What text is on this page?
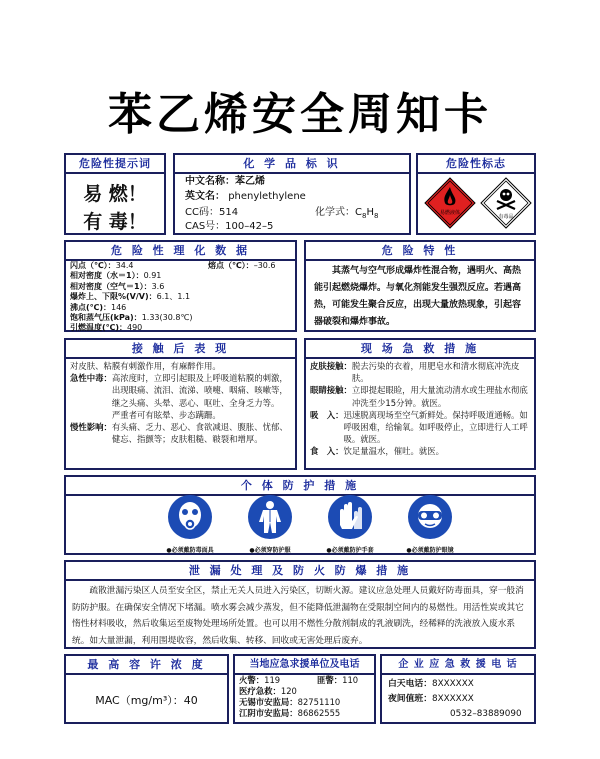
苯乙烯安全周知卡
危险性提示词
易 燃！
有 毒！
化 学 品 标 识
中文名称：苯乙烯
英文名： phenylethylene
CC码：514	化学式：$C_8H_8$
CAS号：100–42–5
危险性标志
易燃液体
有毒品
危 险 性 理 化 数 据
闪点（℃）：34.4	熔点（℃）：–30.6
相对密度（水＝1）：0.91
相对密度（空气＝1）：3.6
爆炸上、下限%(V/V)：6.1、1.1
沸点(℃)：146
饱和蒸气压(kPa)：1.33(30.8℃)
引燃温度(℃)：490
危 险 特 性
其蒸气与空气形成爆炸性混合物，遇明火、高热能引起燃烧爆炸。与氧化剂能发生强烈反应。若遇高热，可能发生聚合反应，出现大量放热现象，引起容器破裂和爆炸事故。
接 触 后 表 现
对皮肤、粘膜有刺激作用，有麻醉作用。
急性中毒： 高浓度时，立即引起眼及上呼吸道粘膜的刺激，出现眼痛、流泪、流涕、喷嚏、咽痛、咳嗽等，继之头痛、头晕、恶心、呕吐、全身乏力等。
严重者可有眩晕、步态蹒跚。
慢性影响： 有头痛、乏力、恶心、食欲减退、腹胀、忧郁、健忘、指颤等；皮肤粗糙、皲裂和增厚。
现 场 急 救 措 施
皮肤接触： 脱去污染的衣着，用肥皂水和清水彻底冲洗皮肤。
眼睛接触： 立即提起眼睑，用大量流动清水或生理盐水彻底冲洗至少15分钟。就医。
吸　入： 迅速脱离现场至空气新鲜处。保持呼吸道通畅。如呼吸困难，给输氧。如呼吸停止，立即进行人工呼吸。就医。
食　入： 饮足量温水，催吐。就医。
个 体 防 护 措 施
● 必须戴防毒面具	● 必须穿防护服	● 必须戴防护手套	● 必须戴防护眼镜
泄 漏 处 理 及 防 火 防 爆 措 施
疏散泄漏污染区人员至安全区，禁止无关人员进入污染区，切断火源。建议应急处理人员戴好防毒面具，穿一般消防防护服。在确保安全情况下堵漏。喷水雾会减少蒸发，但不能降低泄漏物在受限制空间内的易燃性。用活性炭或其它惰性材料吸收，然后收集运至废物处理场所处置。也可以用不燃性分散剂制成的乳液刷洗，经稀释的洗液放入废水系统。如大量泄漏，利用围堤收容，然后收集、转移、回收或无害处理后废弃。
最 高 容 许 浓 度
MAC（mg/m³）：40
当地应急求援单位及电话
火警：119	匪警：110
医疗急救：120
无锡市安监局：82751110
江阴市安监局：86862555
企 业 应 急 救 援 电 话
白天电话：8XXXXXX
夜间值班：8XXXXXX
0532–83889090
